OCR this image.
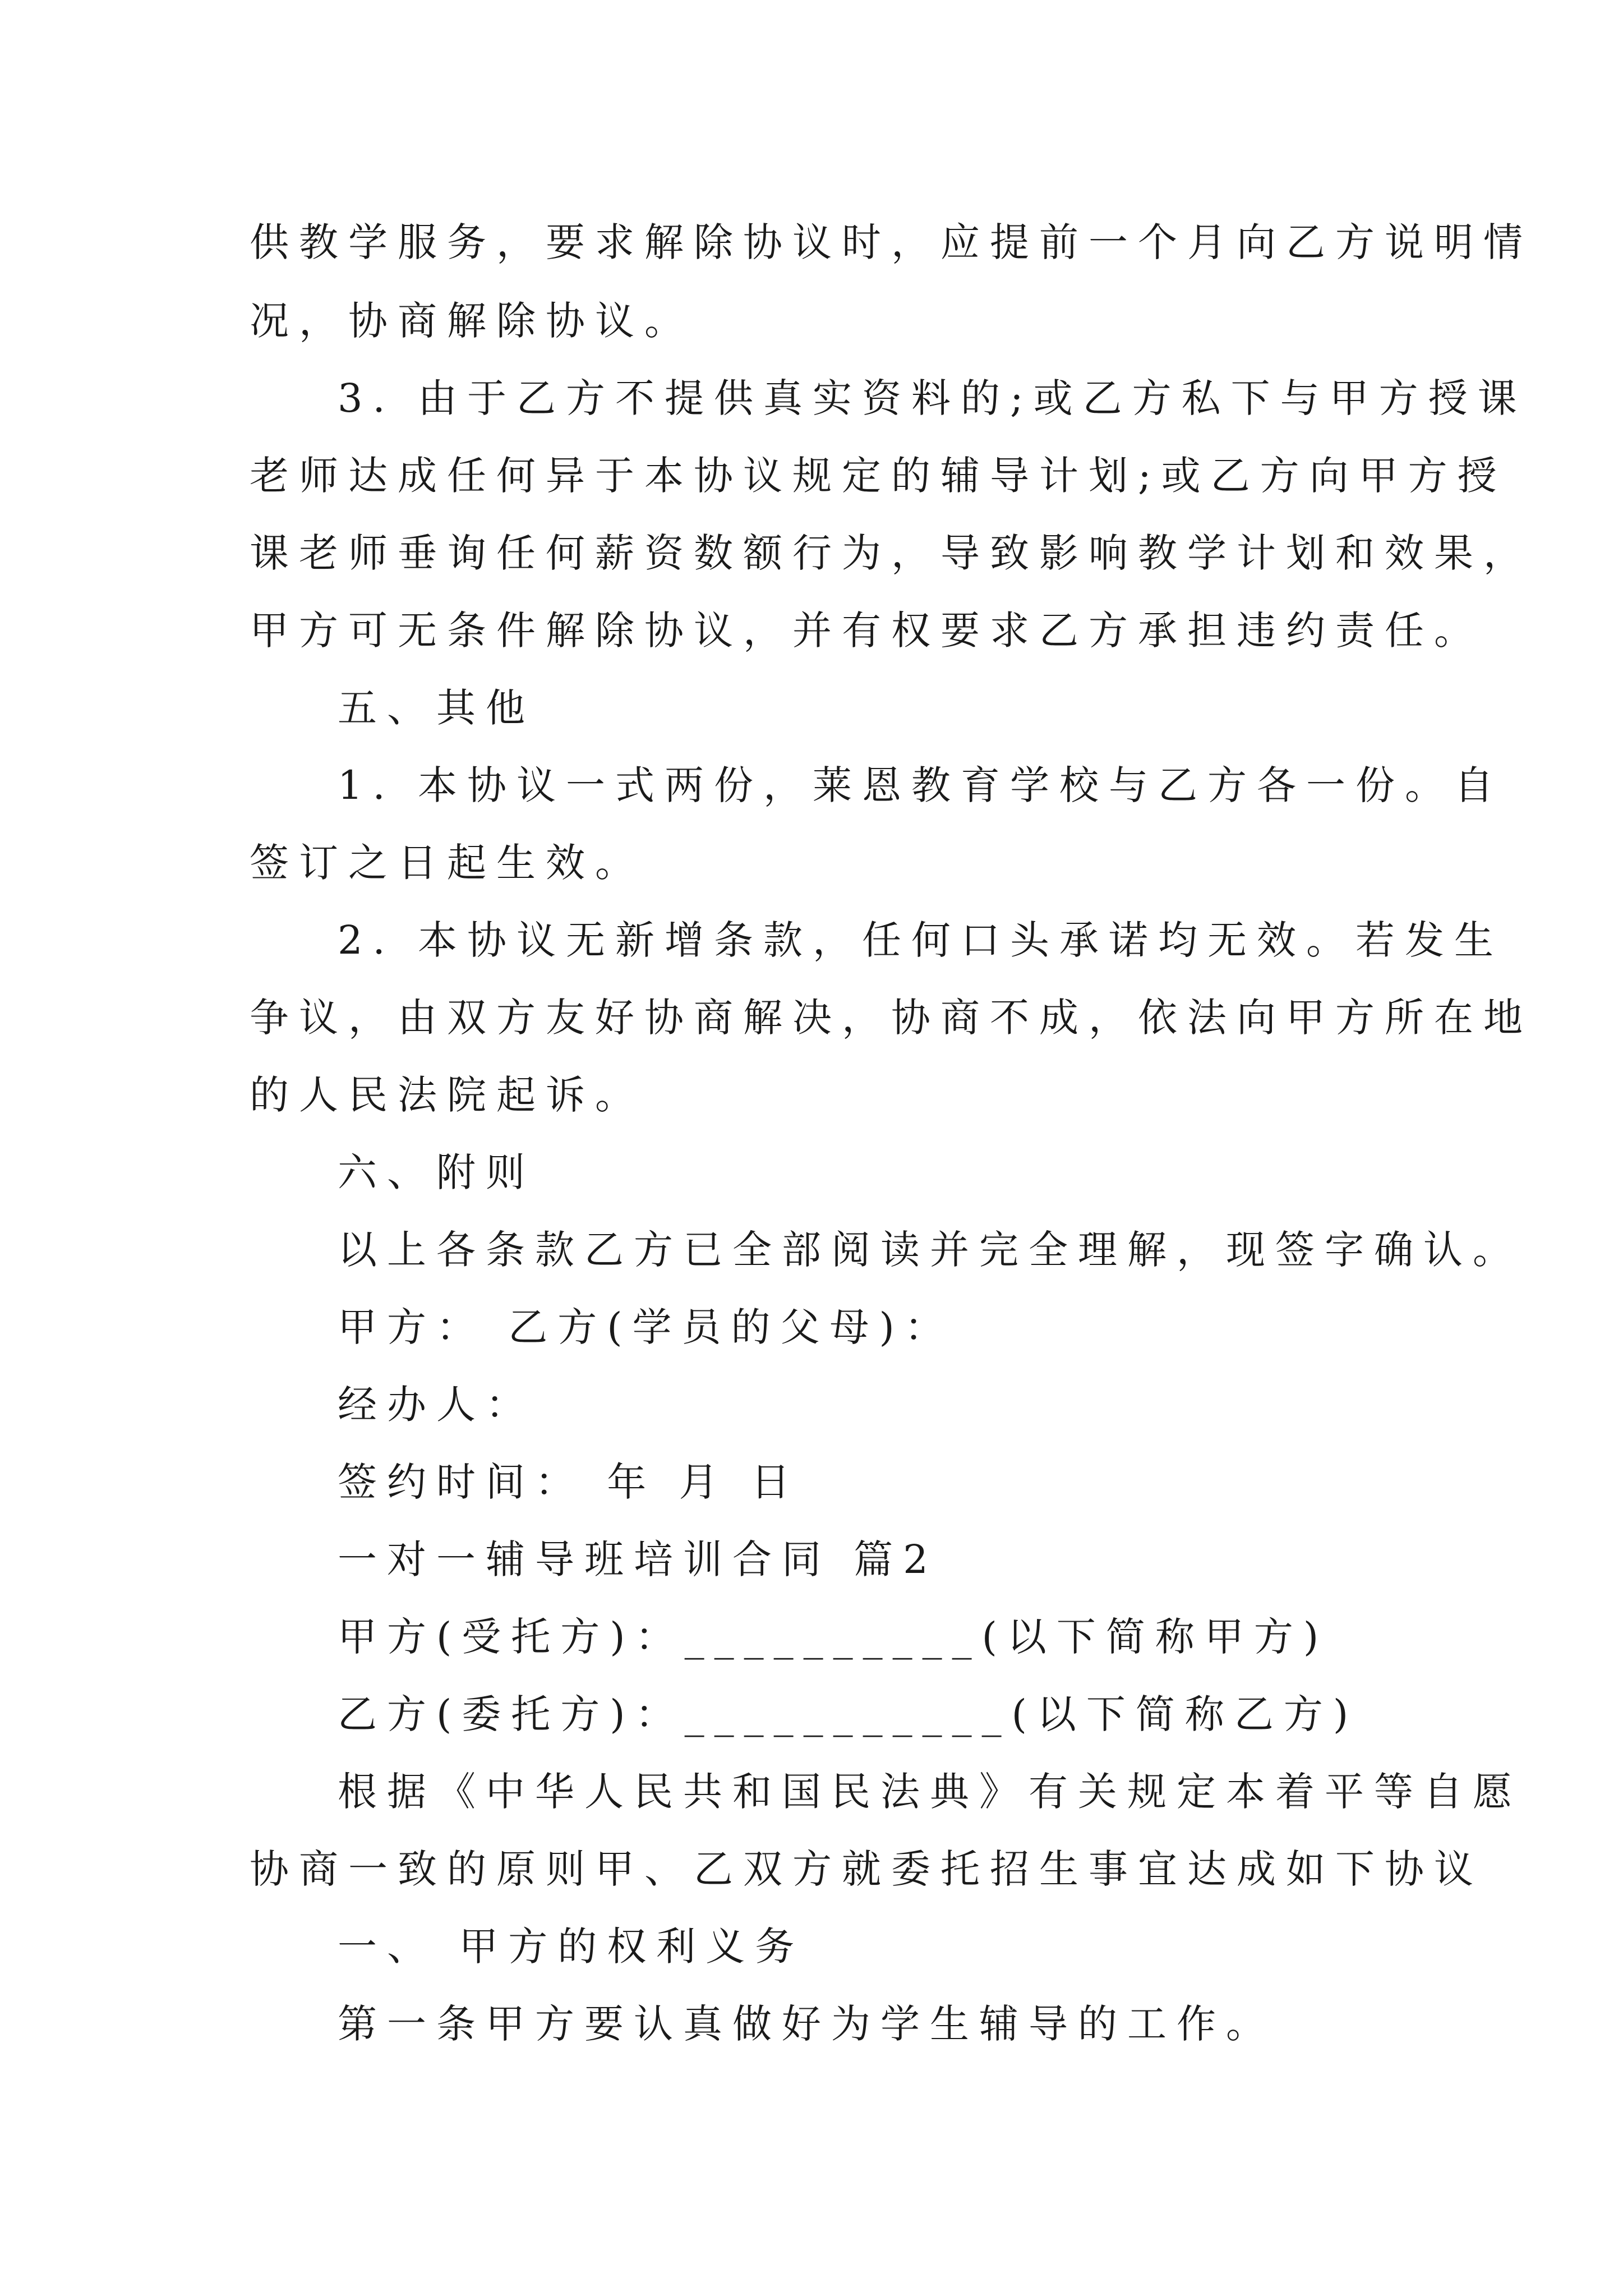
供教学服务，要求解除协议时，应提前一个月向乙方说明情

况，协商解除协议。

3. 由于乙方不提供真实资料的;或乙方私下与甲方授课

老师达成任何异于本协议规定的辅导计划;或乙方向甲方授

课老师垂询任何薪资数额行为，导致影响教学计划和效果，

甲方可无条件解除协议，并有权要求乙方承担违约责任。

五、其他

1. 本协议一式两份，莱恩教育学校与乙方各一份。自

签订之日起生效。

2. 本协议无新增条款，任何口头承诺均无效。若发生

争议，由双方友好协商解决，协商不成，依法向甲方所在地

的人民法院起诉。

六、附则

以上各条款乙方已全部阅读并完全理解，现签字确认。

甲方： 乙方(学员的父母)：

经办人：

签约时间： 年 月 日

一对一辅导班培训合同 篇2

甲方(受托方)：__________(以下简称甲方)

乙方(委托方)：___________(以下简称乙方)

根据《中华人民共和国民法典》有关规定本着平等自愿

协商一致的原则甲、乙双方就委托招生事宜达成如下协议

一、 甲方的权利义务

第一条甲方要认真做好为学生辅导的工作。
